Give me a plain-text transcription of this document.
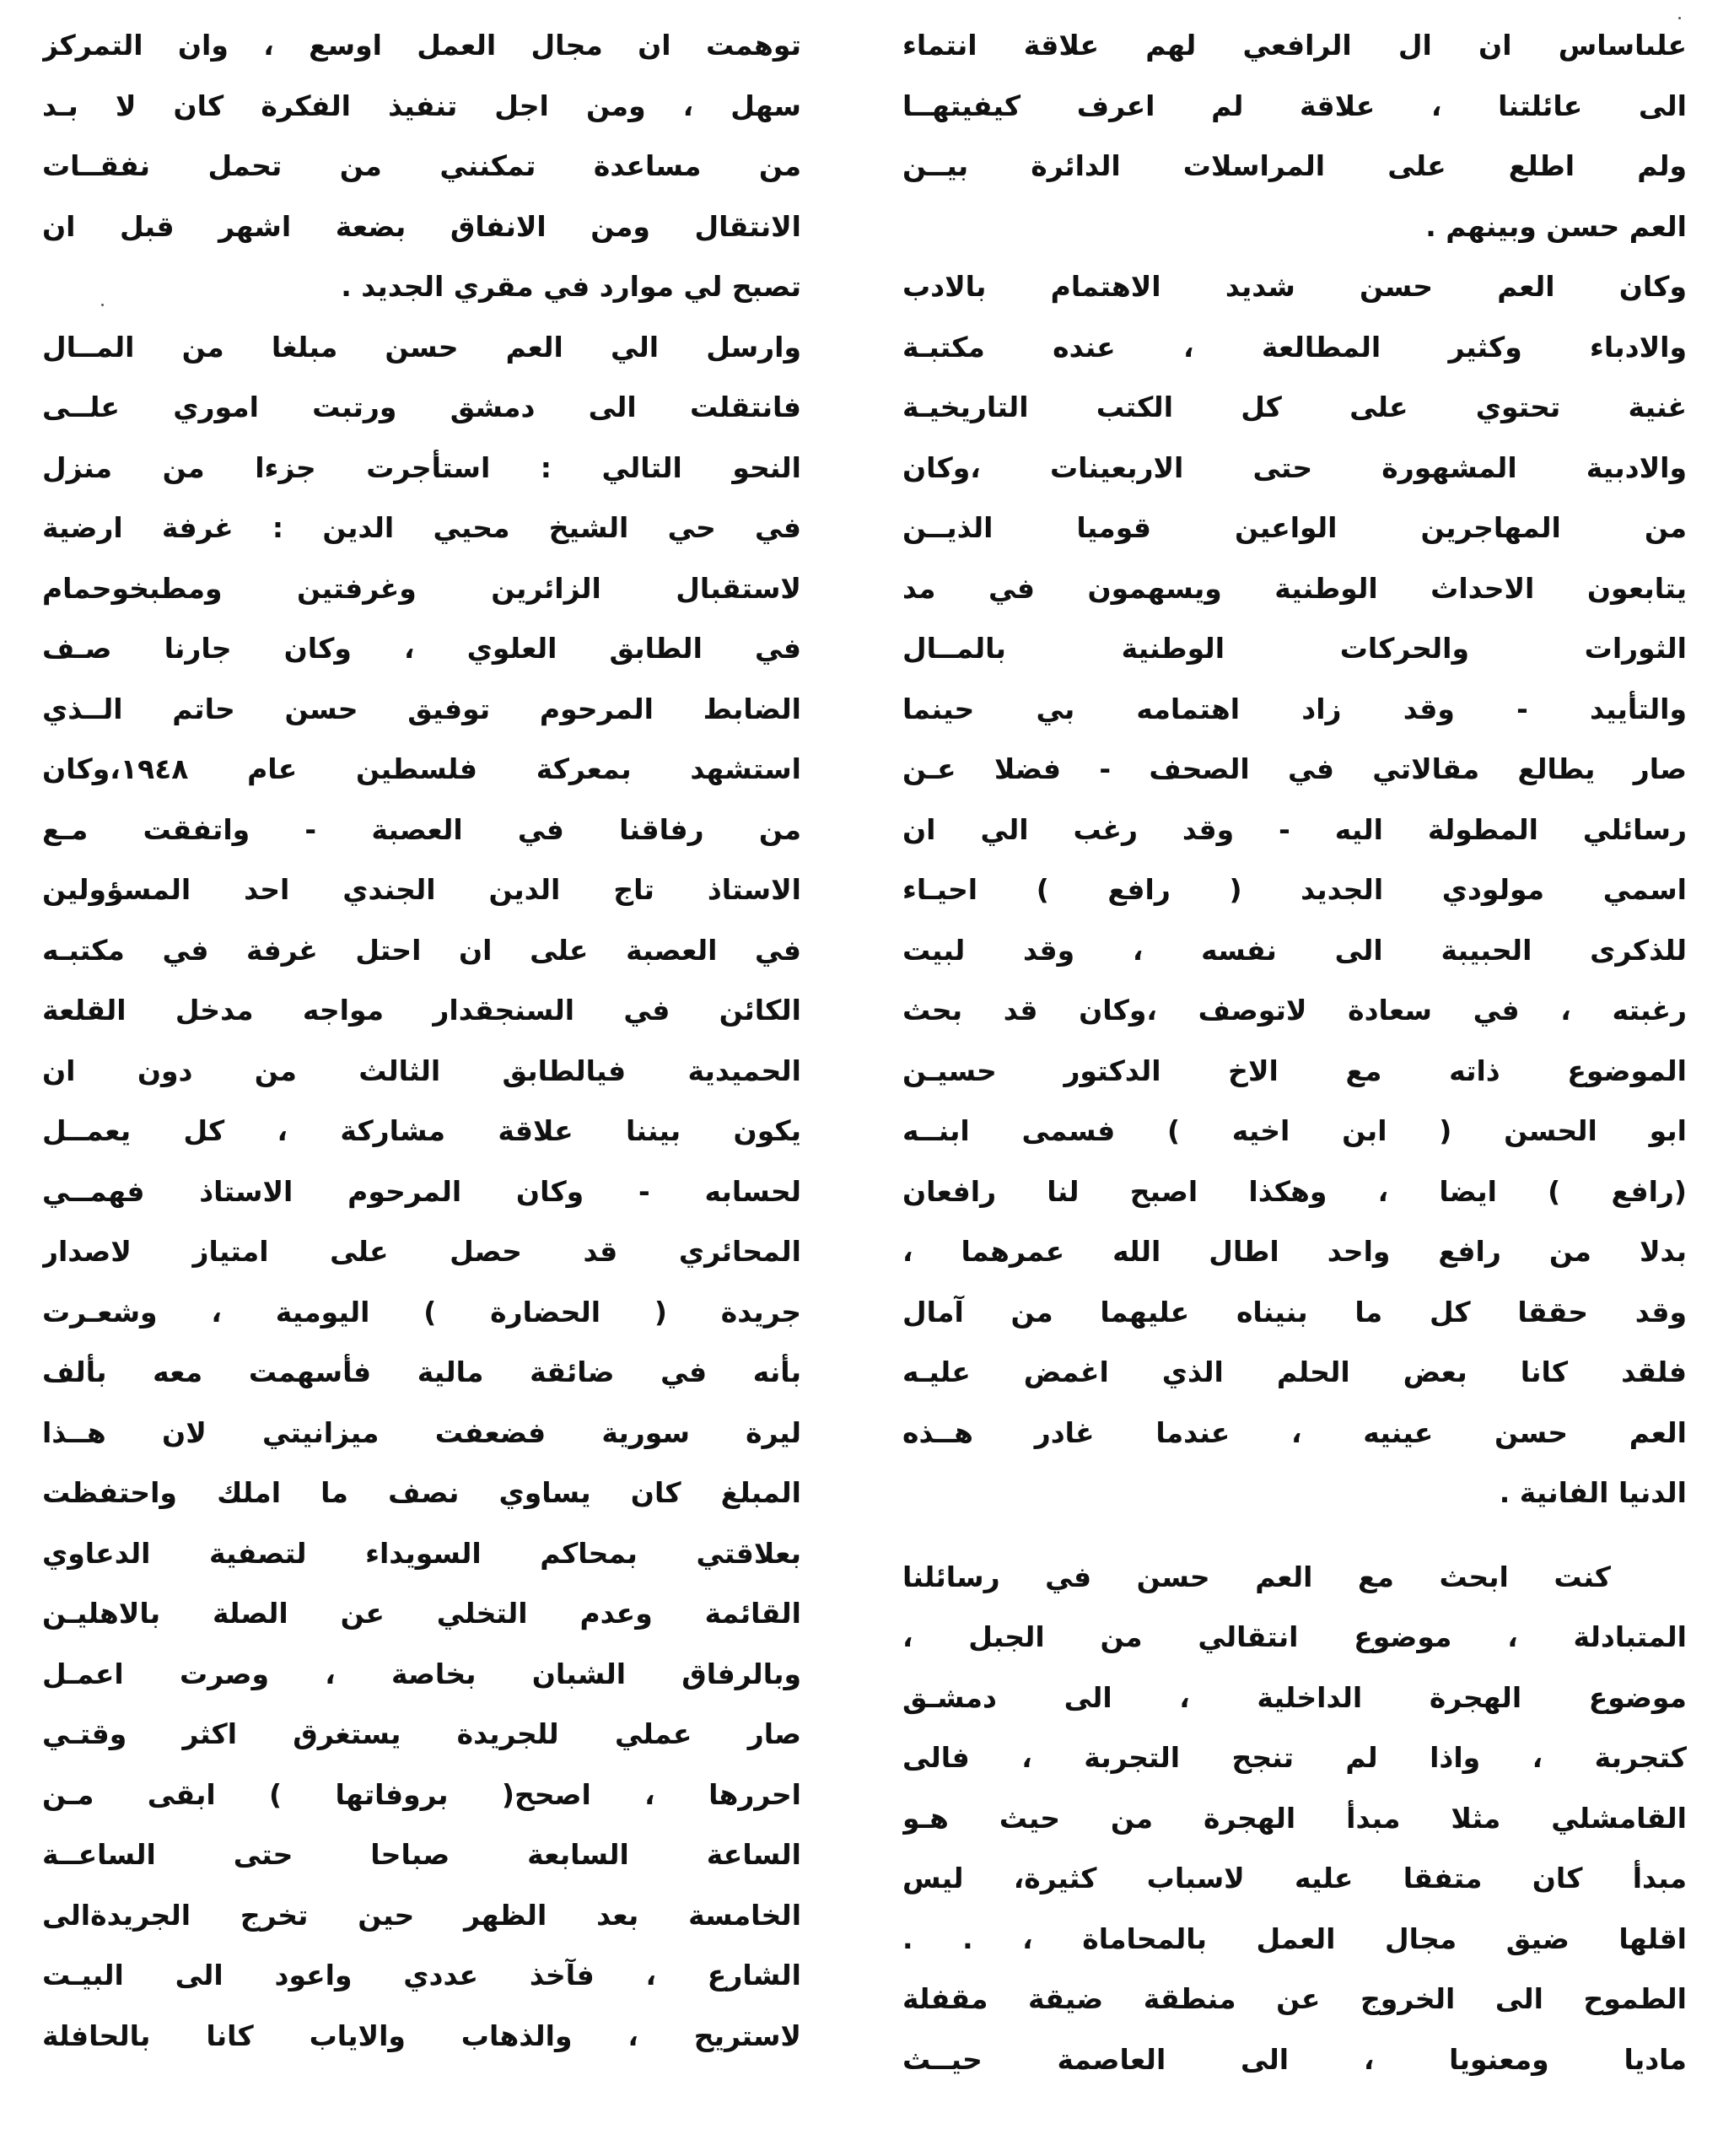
علىاساس ان ال الرافعي لهم علاقة انتماء
الى عائلتنا ، علاقة لم اعرف كيفيتهــا
ولم اطلع على المراسلات الدائرة بيــن
العم حسن وبينهم .
وكان العم حسن شديد الاهتمام بالادب
والادباء وكثير المطالعة ، عنده مكتبـة
غنية تحتوي على كل الكتب التاريخيـة
والادبية المشهورة حتى الاربعينات ،وكان
من المهاجرين الواعين قوميا الذيــن
يتابعون الاحداث الوطنية ويسهمون في مد
الثورات والحركات الوطنية بالمــال
والتأييد - وقد زاد اهتمامه بي حينما
صار يطالع مقالاتي في الصحف - فضلا عـن
رسائلي المطولة اليه - وقد رغب الي ان
اسمي مولودي الجديد ( رافع ) احيـاء
للذكرى الحبيبة الى نفسه ، وقد لبيت
رغبته ، في سعادة لاتوصف ،وكان قد بحث
الموضوع ذاته مع الاخ الدكتور حسيـن
ابو الحسن ( ابن اخيه ) فسمى ابنــه
(رافع ) ايضا ، وهكذا اصبح لنا رافعان
بدلا من رافع واحد اطال الله عمرهما ،
وقد حققا كل ما بنيناه عليهما من آمال
فلقد كانا بعض الحلم الذي اغمض عليـه
العم حسن عينيه ، عندما غادر هــذه
الدنيا الفانية .
كنت ابحث مع العم حسن في رسائلنا
المتبادلة ، موضوع انتقالي من الجبل ،
موضوع الهجرة الداخلية ، الى دمشـق
كتجربة ، واذا لم تنجح التجربة ، فالى
القامشلي مثلا مبدأ الهجرة من حيث هـو
مبدأ كان متفقا عليه لاسباب كثيرة، ليس
اقلها ضيق مجال العمل بالمحاماة ، . .
الطموح الى الخروج عن منطقة ضيقة مقفلة
ماديا ومعنويا ، الى العاصمة حيــث
توهمت ان مجال العمل اوسع ، وان التمركز
سهل ، ومن اجل تنفيذ الفكرة كان لا بـد
من مساعدة تمكنني من تحمل نفقــات
الانتقال ومن الانفاق بضعة اشهر قبل ان
تصبح لي موارد في مقري الجديد .
وارسل الي العم حسن مبلغا من المــال
فانتقلت الى دمشق ورتبت اموري علــى
النحو التالي : استأجرت جزءا من منزل
في حي الشيخ محيي الدين : غرفة ارضية
لاستقبال الزائرين وغرفتين ومطبخوحمام
في الطابق العلوي ، وكان جارنا صـف
الضابط المرحوم توفيق حسن حاتم الــذي
استشهد بمعركة فلسطين عام ١٩٤٨،وكان
من رفاقنا في العصبة - واتفقت مـع
الاستاذ تاج الدين الجندي احد المسؤولين
في العصبة على ان احتل غرفة في مكتبـه
الكائن في السنجقدار مواجه مدخل القلعة
الحميدية فيالطابق الثالث من دون ان
يكون بيننا علاقة مشاركة ، كل يعمــل
لحسابه - وكان المرحوم الاستاذ فهمــي
المحائري قد حصل على امتياز لاصدار
جريدة ( الحضارة ) اليومية ، وشعـرت
بأنه في ضائقة مالية فأسهمت معه بألف
ليرة سورية فضعفت ميزانيتي لان هــذا
المبلغ كان يساوي نصف ما املك واحتفظت
بعلاقتي بمحاكم السويداء لتصفية الدعاوي
القائمة وعدم التخلي عن الصلة بالاهليـن
وبالرفاق الشبان بخاصة ، وصرت اعمـل
صار عملي للجريدة يستغرق اكثر وقتـي
احررها ، اصحح( بروفاتها ) ابقى مـن
الساعة السابعة صباحا حتى الساعــة
الخامسة بعد الظهر حين تخرج الجريدةالى
الشارع ، فآخذ عددي واعود الى البيـت
لاستريح ، والذهاب والاياب كانا بالحافلة
